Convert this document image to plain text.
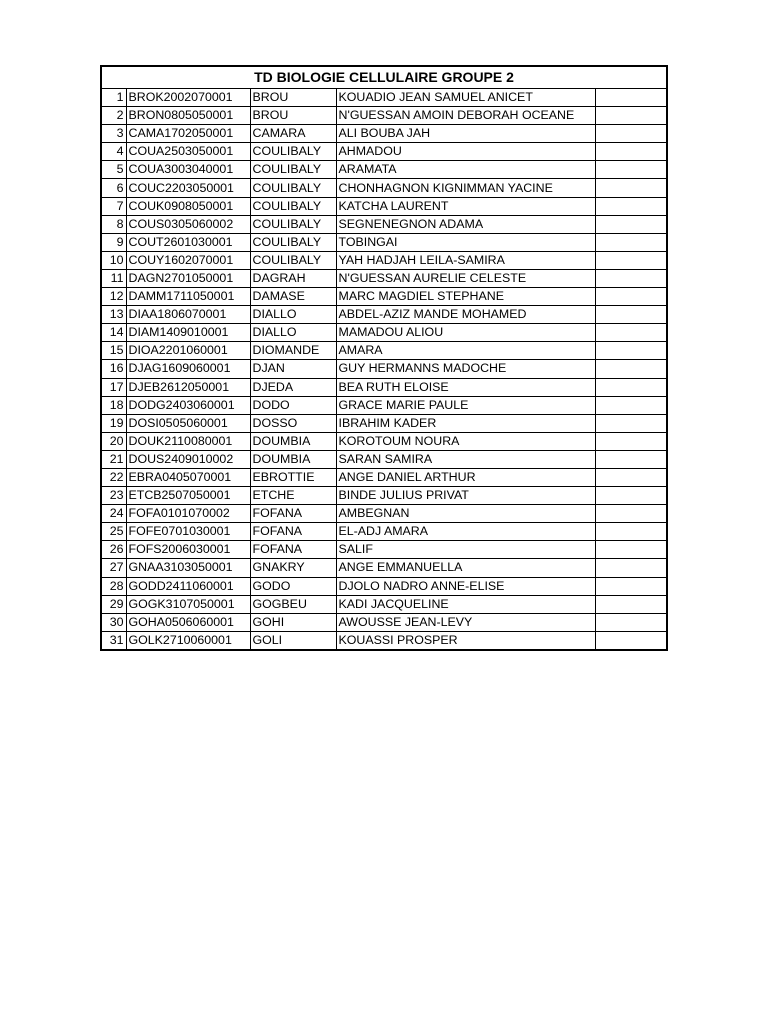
TD BIOLOGIE CELLULAIRE GROUPE 2				
1	BROK2002070001	BROU	KOUADIO JEAN SAMUEL ANICET	
2	BRON0805050001	BROU	N'GUESSAN AMOIN DEBORAH OCEANE	
3	CAMA1702050001	CAMARA	ALI BOUBA JAH	
4	COUA2503050001	COULIBALY	AHMADOU	
5	COUA3003040001	COULIBALY	ARAMATA	
6	COUC2203050001	COULIBALY	CHONHAGNON KIGNIMMAN YACINE	
7	COUK0908050001	COULIBALY	KATCHA LAURENT	
8	COUS0305060002	COULIBALY	SEGNENEGNON ADAMA	
9	COUT2601030001	COULIBALY	TOBINGAI	
10	COUY1602070001	COULIBALY	YAH HADJAH LEILA-SAMIRA	
11	DAGN2701050001	DAGRAH	N'GUESSAN AURELIE CELESTE	
12	DAMM1711050001	DAMASE	MARC MAGDIEL STEPHANE	
13	DIAA1806070001	DIALLO	ABDEL-AZIZ MANDE MOHAMED	
14	DIAM1409010001	DIALLO	MAMADOU ALIOU	
15	DIOA2201060001	DIOMANDE	AMARA	
16	DJAG1609060001	DJAN	GUY HERMANNS MADOCHE	
17	DJEB2612050001	DJEDA	BEA RUTH ELOISE	
18	DODG2403060001	DODO	GRACE MARIE PAULE	
19	DOSI0505060001	DOSSO	IBRAHIM KADER	
20	DOUK2110080001	DOUMBIA	KOROTOUM NOURA	
21	DOUS2409010002	DOUMBIA	SARAN SAMIRA	
22	EBRA0405070001	EBROTTIE	ANGE DANIEL ARTHUR	
23	ETCB2507050001	ETCHE	BINDE JULIUS PRIVAT	
24	FOFA0101070002	FOFANA	AMBEGNAN	
25	FOFE0701030001	FOFANA	EL-ADJ AMARA	
26	FOFS2006030001	FOFANA	SALIF	
27	GNAA3103050001	GNAKRY	ANGE EMMANUELLA	
28	GODD2411060001	GODO	DJOLO NADRO ANNE-ELISE	
29	GOGK3107050001	GOGBEU	KADI JACQUELINE	
30	GOHA0506060001	GOHI	AWOUSSE JEAN-LEVY	
31	GOLK2710060001	GOLI	KOUASSI PROSPER	
